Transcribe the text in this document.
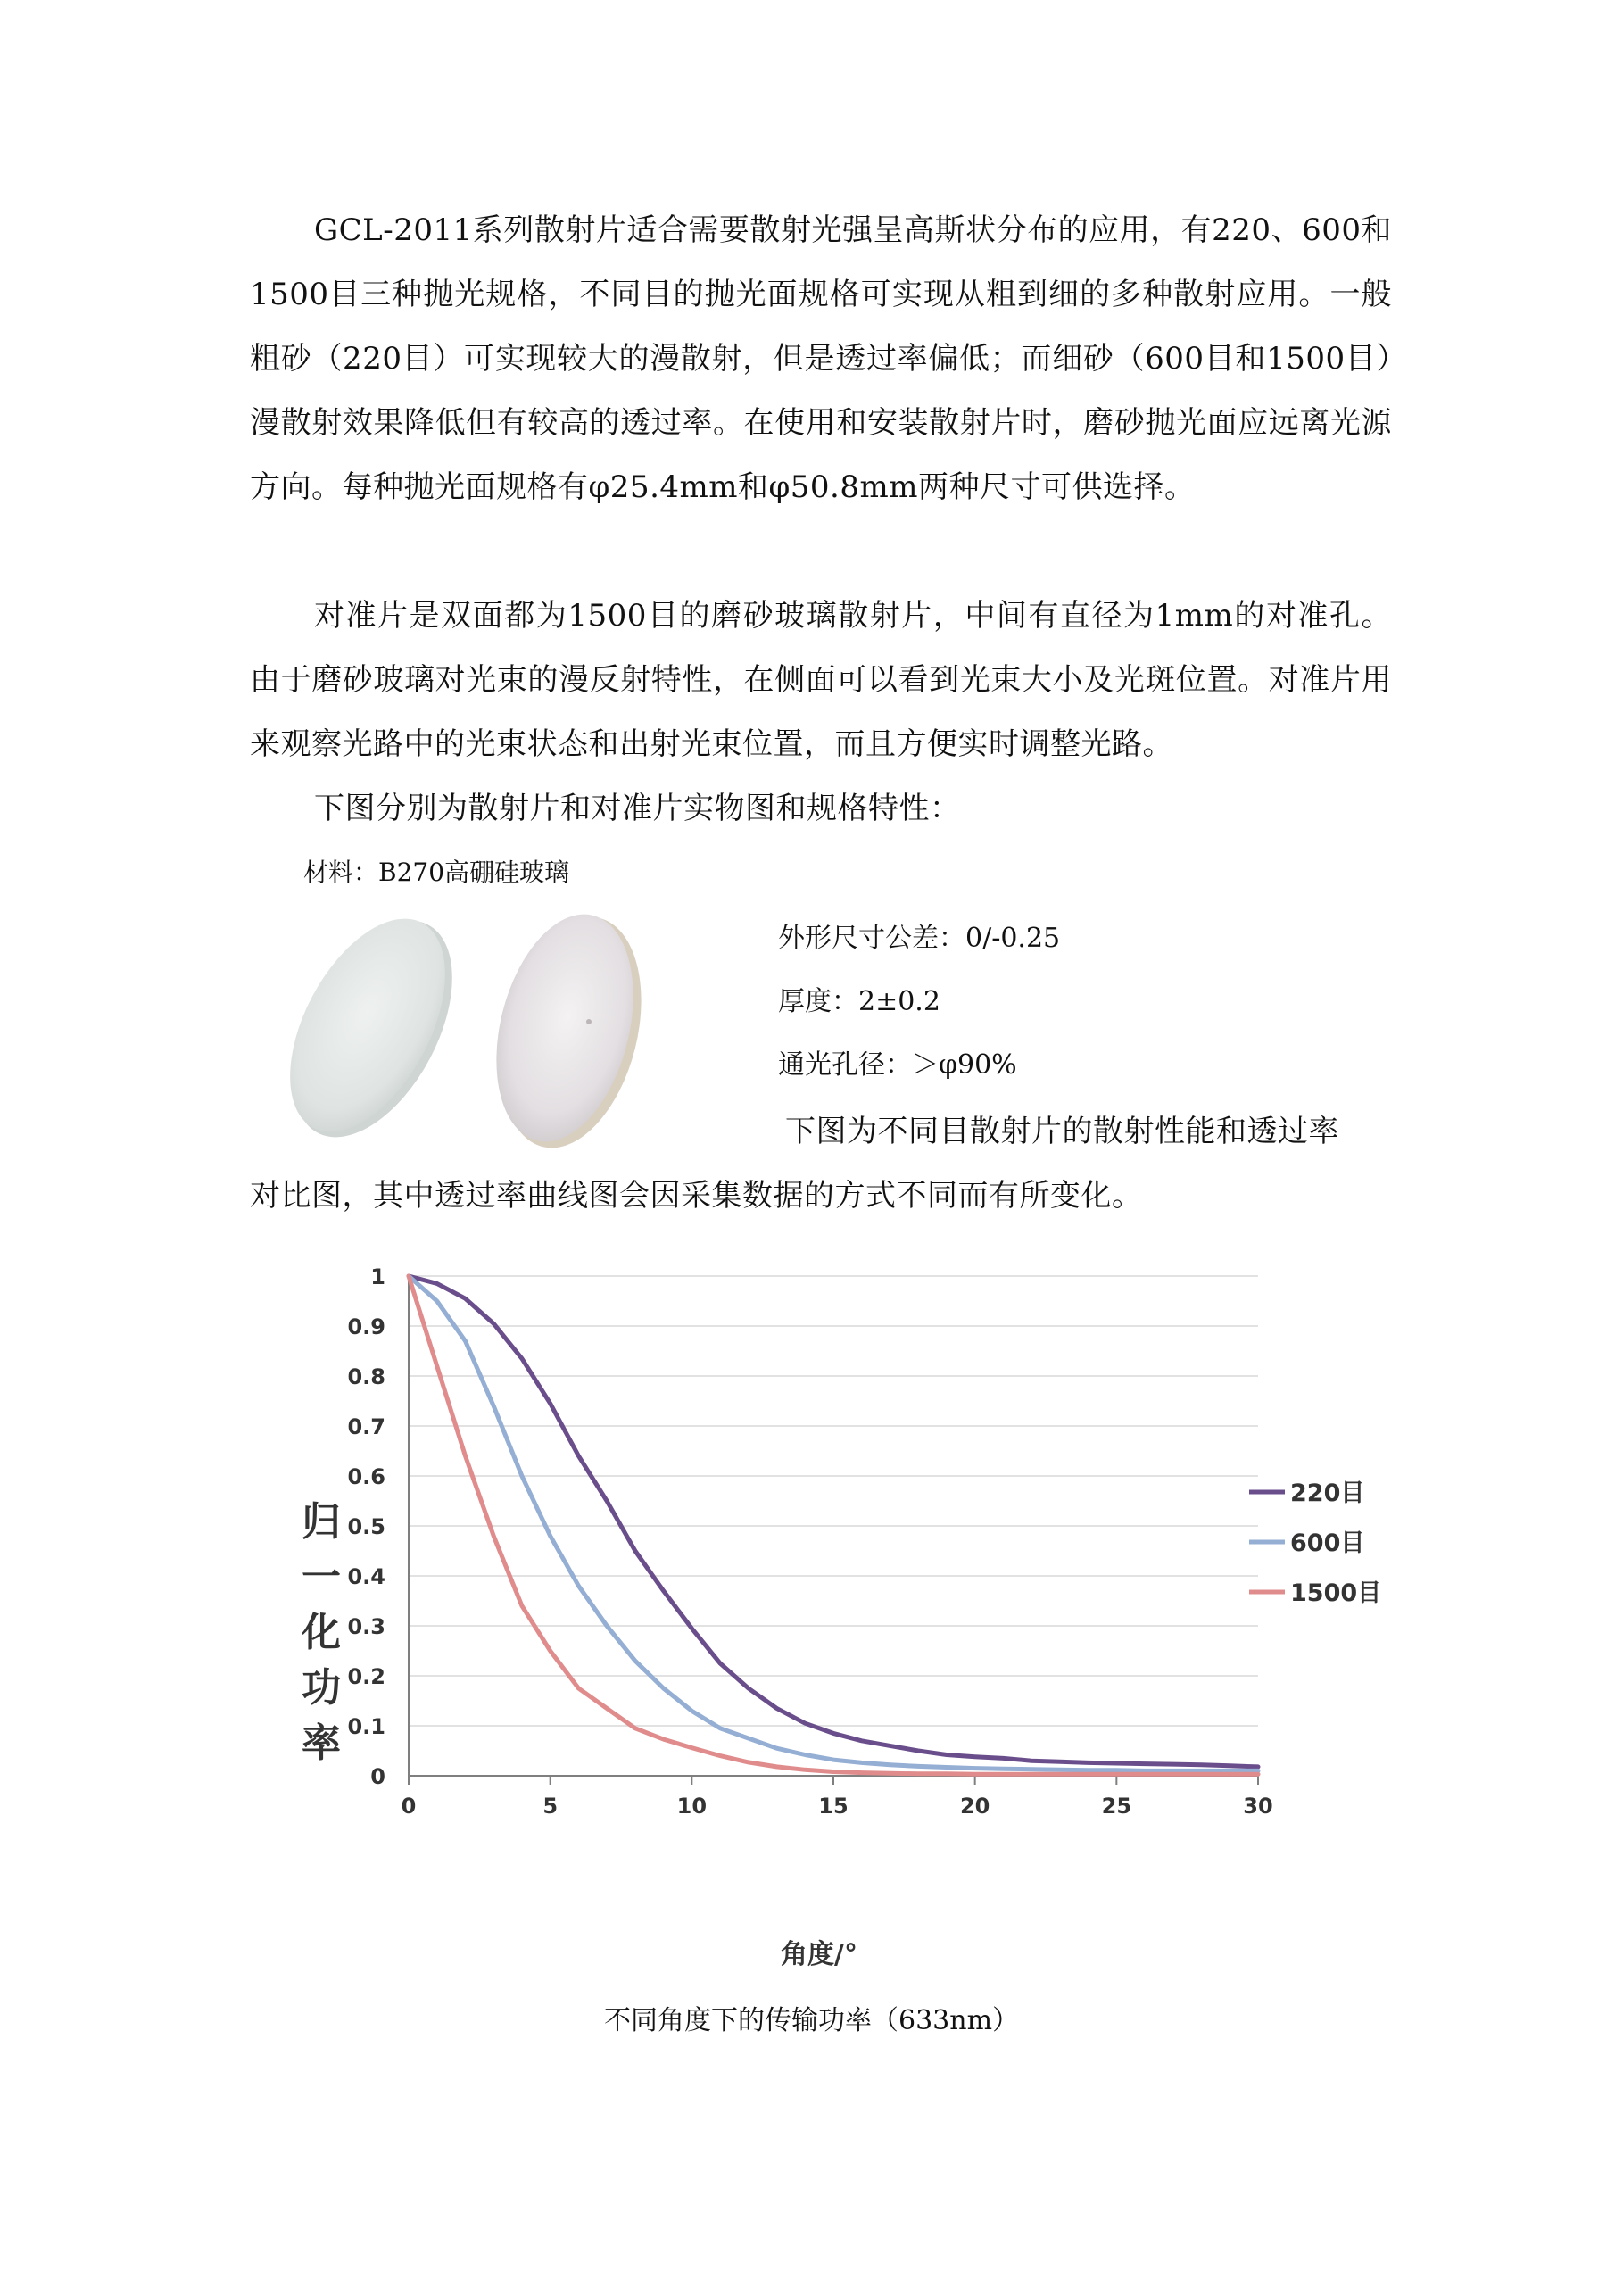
GCL-2011系列散射片适合需要散射光强呈高斯状分布的应用，有220、600和1500目三种抛光规格，不同目的抛光面规格可实现从粗到细的多种散射应用。一般粗砂（220目）可实现较大的漫散射，但是透过率偏低；而细砂（600目和1500目）漫散射效果降低但有较高的透过率。在使用和安装散射片时，磨砂抛光面应远离光源方向。每种抛光面规格有φ25.4mm和φ50.8mm两种尺寸可供选择。

对准片是双面都为1500目的磨砂玻璃散射片，中间有直径为1mm的对准孔。由于磨砂玻璃对光束的漫反射特性，在侧面可以看到光束大小及光斑位置。对准片用来观察光路中的光束状态和出射光束位置，而且方便实时调整光路。

下图分别为散射片和对准片实物图和规格特性：

材料：B270高硼硅玻璃
外形尺寸公差：0/-0.25
厚度：2±0.2
通光孔径：＞φ90%
下图为不同目散射片的散射性能和透过率
对比图，其中透过率曲线图会因采集数据的方式不同而有所变化。
0
0.1
0.2
0.3
0.4
0.5
0.6
0.7
0.8
0.9
1
0	5	10	15	20	25	30
220目
600目
1500目
角度/°
归一化功率
不同角度下的传输功率（633nm）
